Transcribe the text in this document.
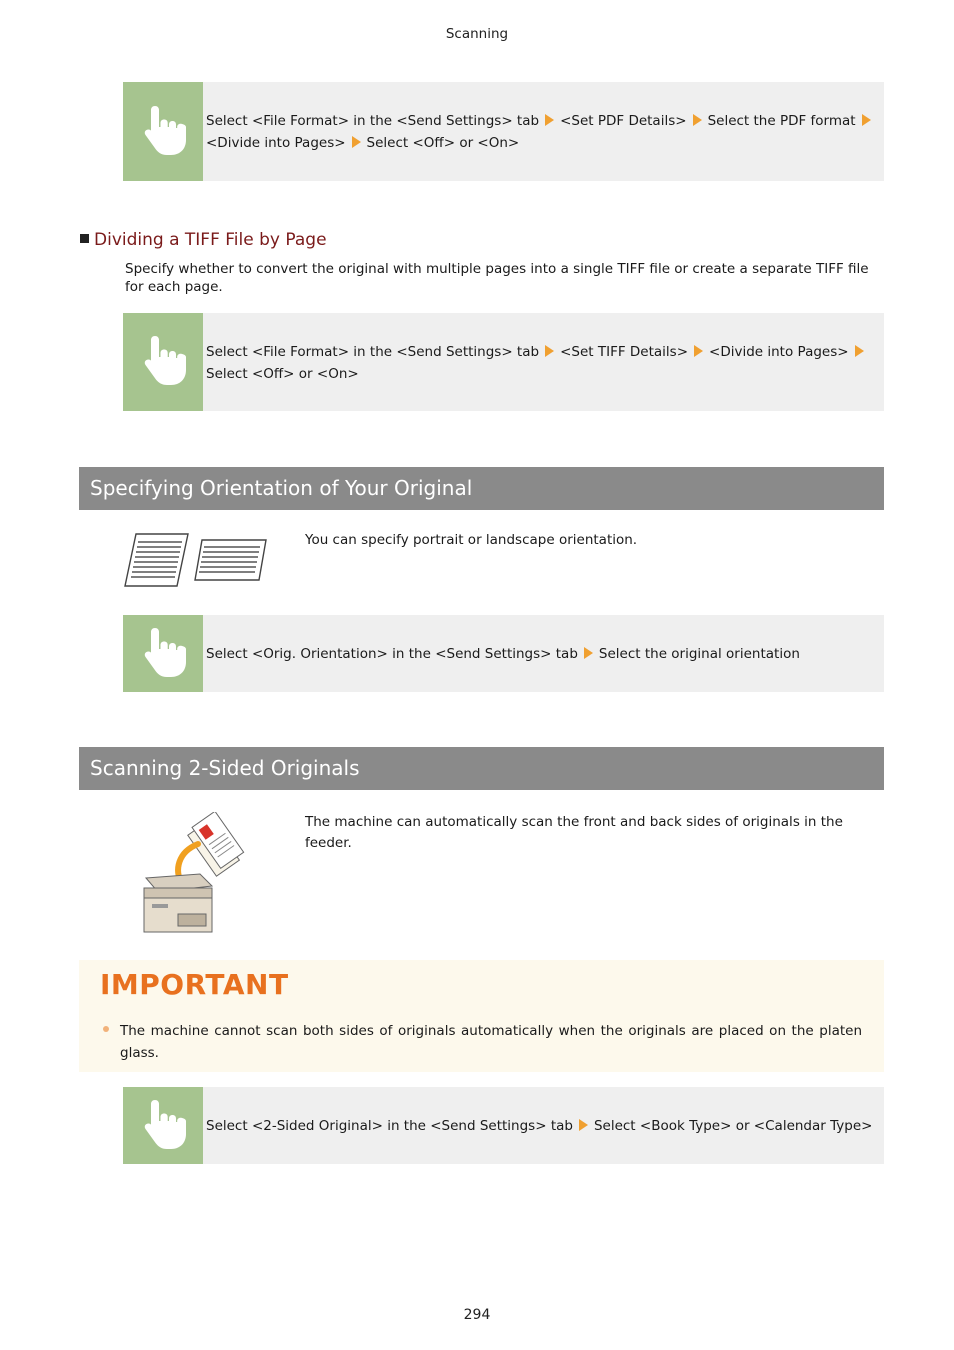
Scanning
Select <File Format> in the <Send Settings> tab <Set PDF Details> Select the PDF format
<Divide into Pages> Select <Off> or <On>
Dividing a TIFF File by Page
Specify whether to convert the original with multiple pages into a single TIFF file or create a separate TIFF file for each page.
Select <File Format> in the <Send Settings> tab <Set TIFF Details> <Divide into Pages>Select <Off> or <On>
Specifying Orientation of Your Original
You can specify portrait or landscape orientation.
Select <Orig. Orientation> in the <Send Settings> tab Select the original orientation
Scanning 2-Sided Originals
The machine can automatically scan the front and back sides of originals in the feeder.
IMPORTANT
The machine cannot scan both sides of originals automatically when the originals are placed on the platen glass.
Select <2-Sided Original> in the <Send Settings> tab Select <Book Type> or <Calendar Type>
294
